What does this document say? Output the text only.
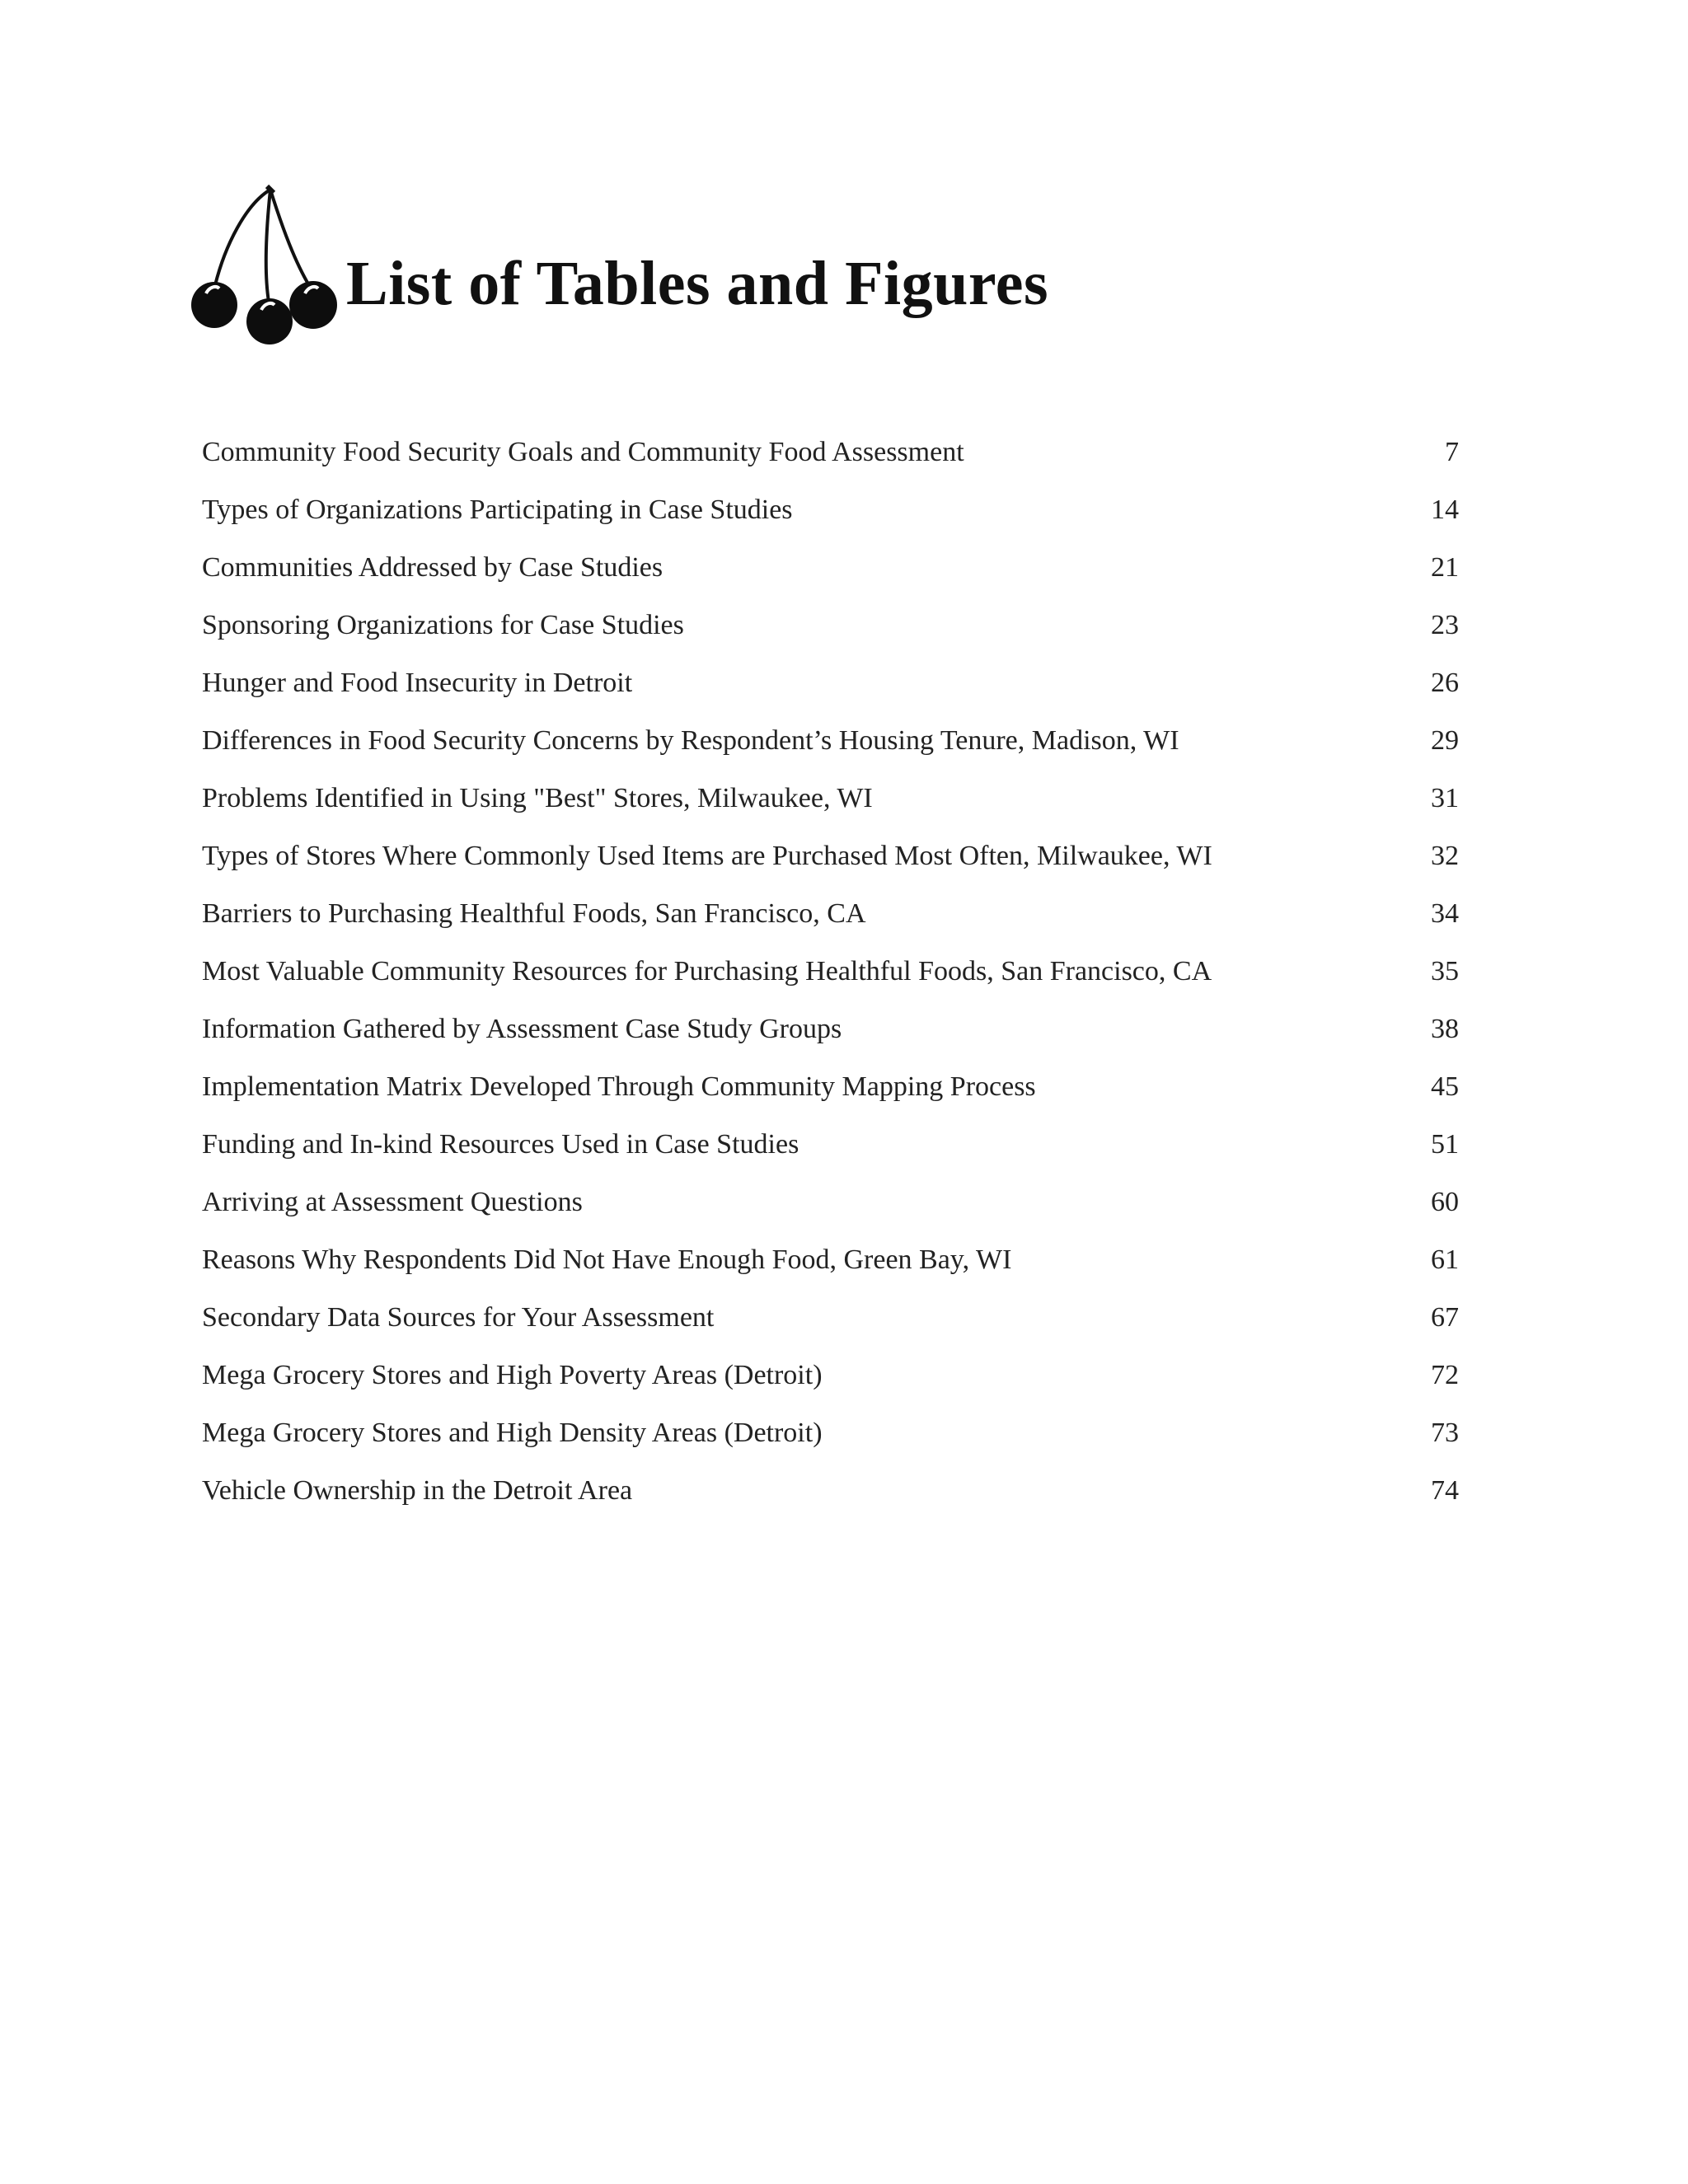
List of Tables and Figures
Community Food Security Goals and Community Food Assessment	7
Types of Organizations Participating in Case Studies	14
Communities Addressed by Case Studies	21
Sponsoring Organizations for Case Studies	23
Hunger and Food Insecurity in Detroit	26
Differences in Food Security Concerns by Respondent’s Housing Tenure, Madison, WI	29
Problems Identified in Using "Best" Stores, Milwaukee, WI	31
Types of Stores Where Commonly Used Items are Purchased Most Often, Milwaukee, WI	32
Barriers to Purchasing Healthful Foods, San Francisco, CA	34
Most Valuable Community Resources for Purchasing Healthful Foods, San Francisco, CA	35
Information Gathered by Assessment Case Study Groups	38
Implementation Matrix Developed Through Community Mapping Process	45
Funding and In-kind Resources Used in Case Studies	51
Arriving at Assessment Questions	60
Reasons Why Respondents Did Not Have Enough Food, Green Bay, WI	61
Secondary Data Sources for Your Assessment	67
Mega Grocery Stores and High Poverty Areas (Detroit)	72
Mega Grocery Stores and High Density Areas (Detroit)	73
Vehicle Ownership in the Detroit Area	74
